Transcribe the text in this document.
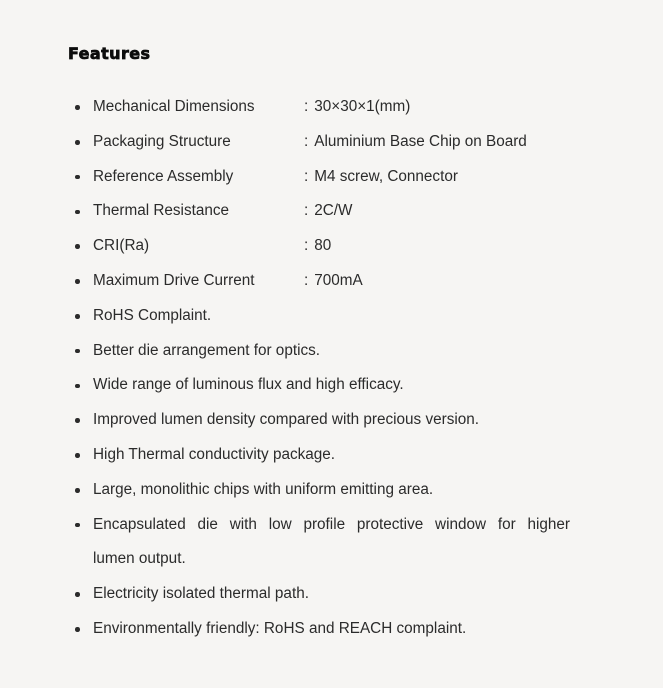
Features
Mechanical Dimensions	: 30×30×1(mm)
Packaging Structure	: Aluminium Base Chip on Board
Reference Assembly	: M4 screw, Connector
Thermal Resistance	: 2C/W
CRI(Ra)	: 80
Maximum Drive Current	: 700mA
RoHS Complaint.
Better die arrangement for optics.
Wide range of luminous flux and high efficacy.
Improved lumen density compared with precious version.
High Thermal conductivity package.
Large, monolithic chips with uniform emitting area.
Encapsulated die with low profile protective window for higher
lumen output.
Electricity isolated thermal path.
Environmentally friendly: RoHS and REACH complaint.
